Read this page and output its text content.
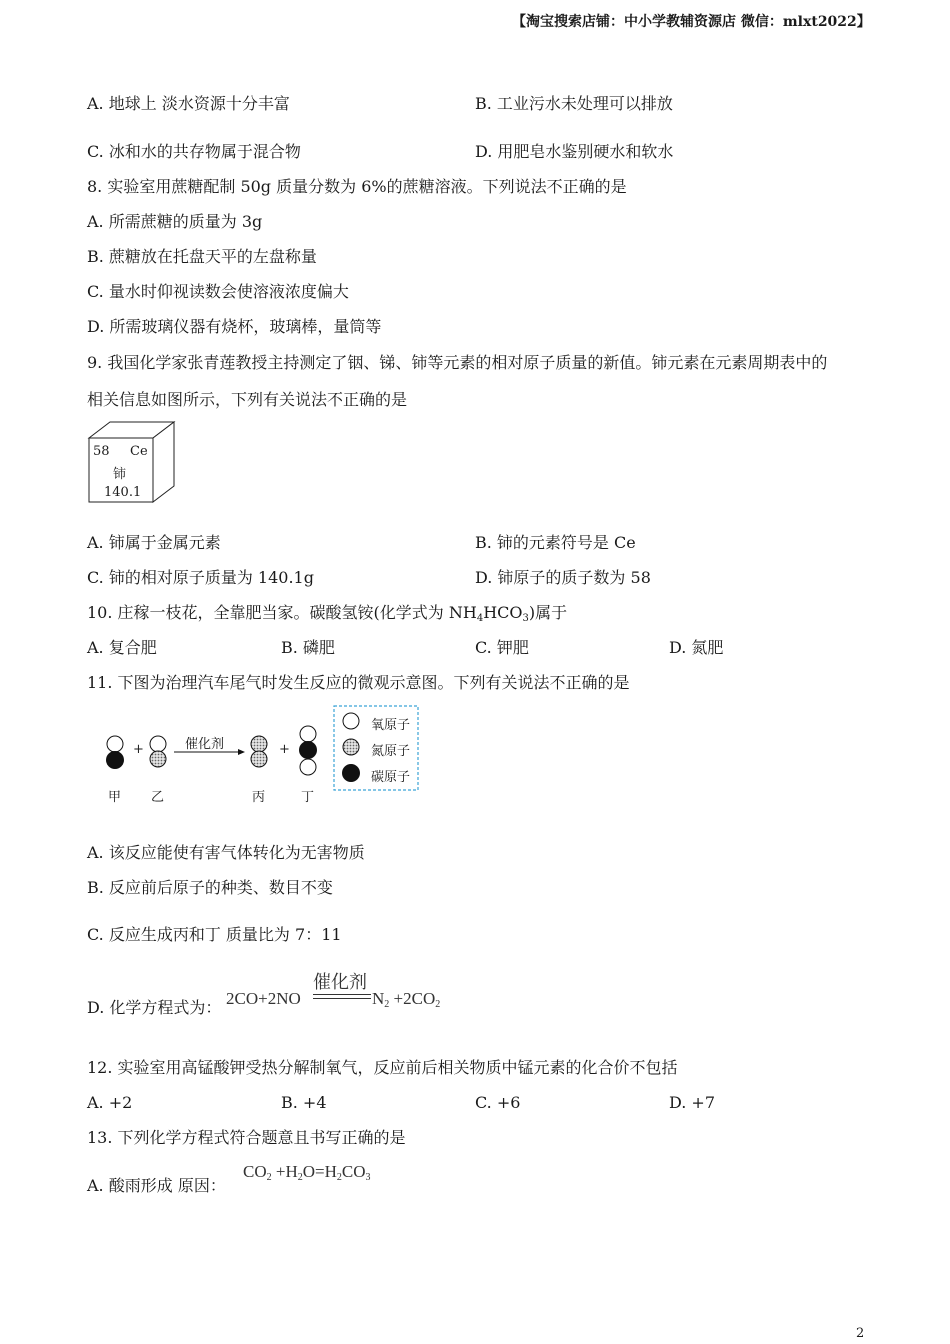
【淘宝搜索店铺：中小学教辅资源店 微信：mlxt2022】
A. 地球上 淡水资源十分丰富	B. 工业污水未处理可以排放
C. 冰和水的共存物属于混合物	D. 用肥皂水鉴别硬水和软水
8. 实验室用蔗糖配制 50g 质量分数为 6%的蔗糖溶液。下列说法不正确的是
A. 所需蔗糖的质量为 3g
B. 蔗糖放在托盘天平的左盘称量
C. 量水时仰视读数会使溶液浓度偏大
D. 所需玻璃仪器有烧杯，玻璃棒，量筒等
9. 我国化学家张青莲教授主持测定了铟、锑、铈等元素的相对原子质量的新值。铈元素在元素周期表中的
相关信息如图所示，下列有关说法不正确的是
58 Ce
铈
140.1
A. 铈属于金属元素	B. 铈的元素符号是 Ce
C. 铈的相对原子质量为 140.1g	D. 铈原子的质子数为 58
10. 庄稼一枝花，全靠肥当家。碳酸氢铵(化学式为 $NH_4HCO_3$)属于
A. 复合肥	B. 磷肥	C. 钾肥	D. 氮肥
11. 下图为治理汽车尾气时发生反应的微观示意图。下列有关说法不正确的是
+	催化剂	+
氧原子
氮原子
碳原子
甲 乙	丙	丁
A. 该反应能使有害气体转化为无害物质
B. 反应前后原子的种类、数目不变
C. 反应生成丙和丁 质量比为 7：11
D. 化学方程式为： 2CO+2NO
催化剂
$N_2 +2CO_2$
12. 实验室用高锰酸钾受热分解制氧气，反应前后相关物质中锰元素的化合价不包括
A. +2	B. +4	C. +6	D. +7
13. 下列化学方程式符合题意且书写正确的是
A. 酸雨形成 原因：
$CO_2 +H_2O=H_2CO_3$
2
